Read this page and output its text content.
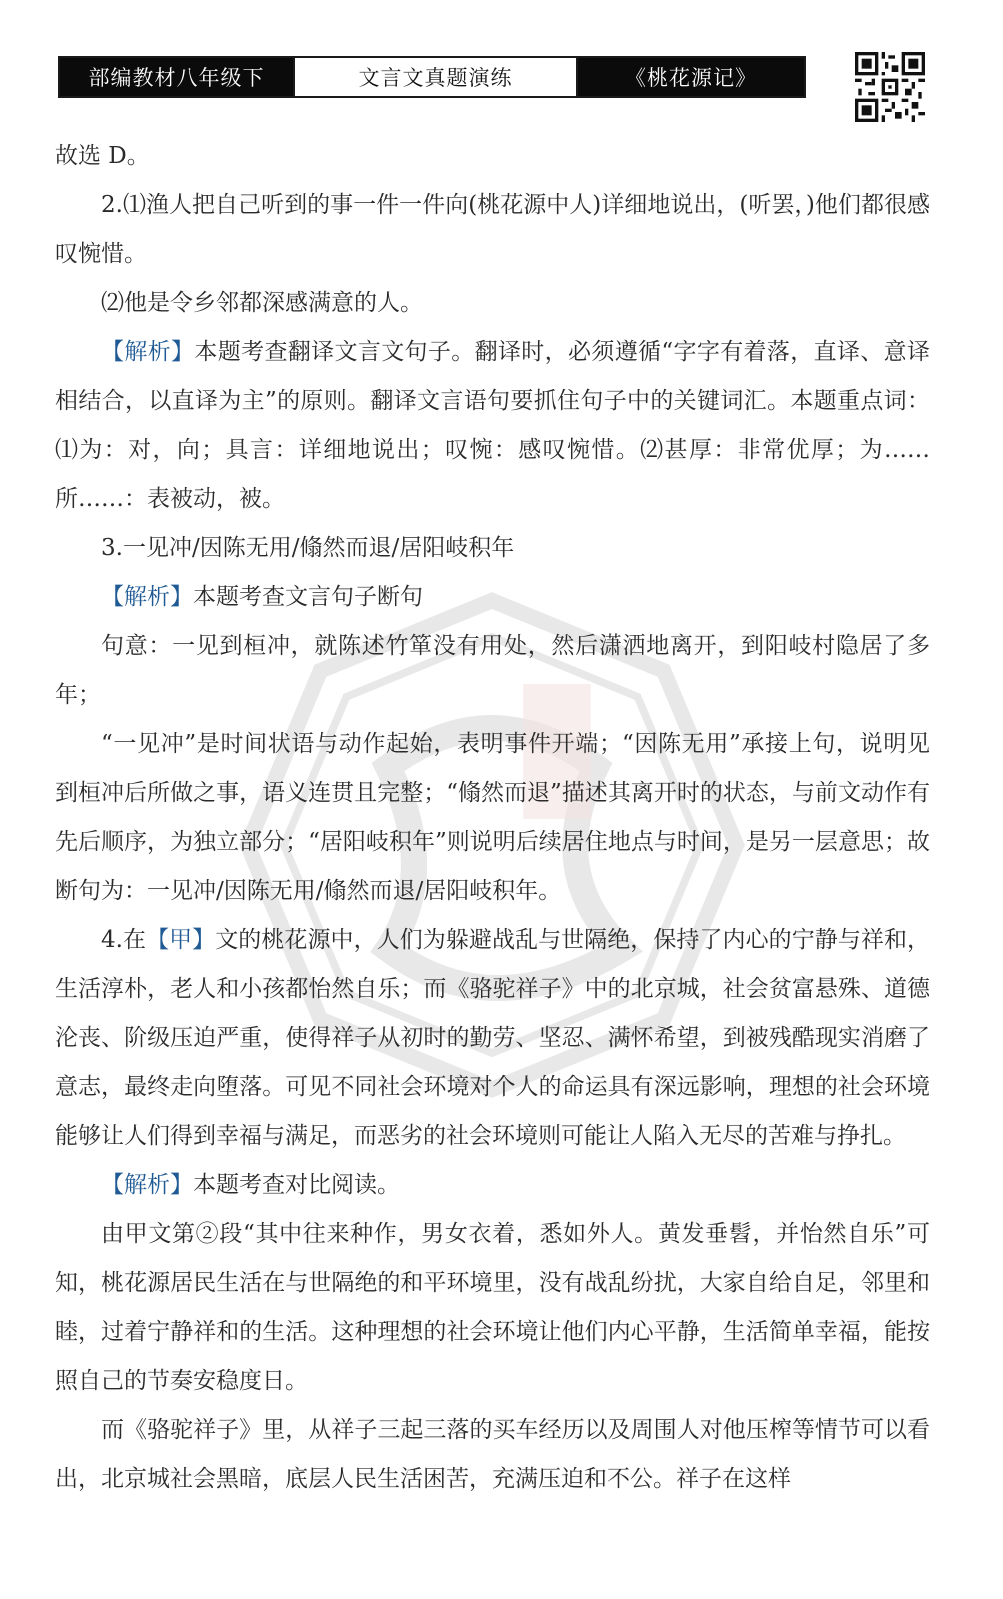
部编教材八年级下	文言文真题演练	《桃花源记》

故选 D。

2.⑴渔人把自己听到的事一件一件向(桃花源中人)详细地说出，(听罢，)他们都很感叹惋惜。

⑵他是令乡邻都深感满意的人。

【解析】本题考查翻译文言文句子。翻译时，必须遵循“字字有着落，直译、意译相结合，以直译为主”的原则。翻译文言语句要抓住句子中的关键词汇。本题重点词：⑴为：对，向；具言：详细地说出；叹惋：感叹惋惜。⑵甚厚：非常优厚；为……所……：表被动，被。

3.一见冲/因陈无用/翛然而退/居阳岐积年

【解析】本题考查文言句子断句

句意：一见到桓冲，就陈述竹箪没有用处，然后潇洒地离开，到阳岐村隐居了多年；

“一见冲”是时间状语与动作起始，表明事件开端；“因陈无用”承接上句，说明见到桓冲后所做之事，语义连贯且完整；“翛然而退”描述其离开时的状态，与前文动作有先后顺序，为独立部分；“居阳岐积年”则说明后续居住地点与时间，是另一层意思；故断句为：一见冲/因陈无用/翛然而退/居阳岐积年。

4.在【甲】文的桃花源中，人们为躲避战乱与世隔绝，保持了内心的宁静与祥和，生活淳朴，老人和小孩都怡然自乐；而《骆驼祥子》中的北京城，社会贫富悬殊、道德沦丧、阶级压迫严重，使得祥子从初时的勤劳、坚忍、满怀希望，到被残酷现实消磨了意志，最终走向堕落。可见不同社会环境对个人的命运具有深远影响，理想的社会环境能够让人们得到幸福与满足，而恶劣的社会环境则可能让人陷入无尽的苦难与挣扎。

【解析】本题考查对比阅读。

由甲文第②段“其中往来种作，男女衣着，悉如外人。黄发垂髫，并怡然自乐”可知，桃花源居民生活在与世隔绝的和平环境里，没有战乱纷扰，大家自给自足，邻里和睦，过着宁静祥和的生活。这种理想的社会环境让他们内心平静，生活简单幸福，能按照自己的节奏安稳度日。

而《骆驼祥子》里，从祥子三起三落的买车经历以及周围人对他压榨等情节可以看出，北京城社会黑暗，底层人民生活困苦，充满压迫和不公。祥子在这样
